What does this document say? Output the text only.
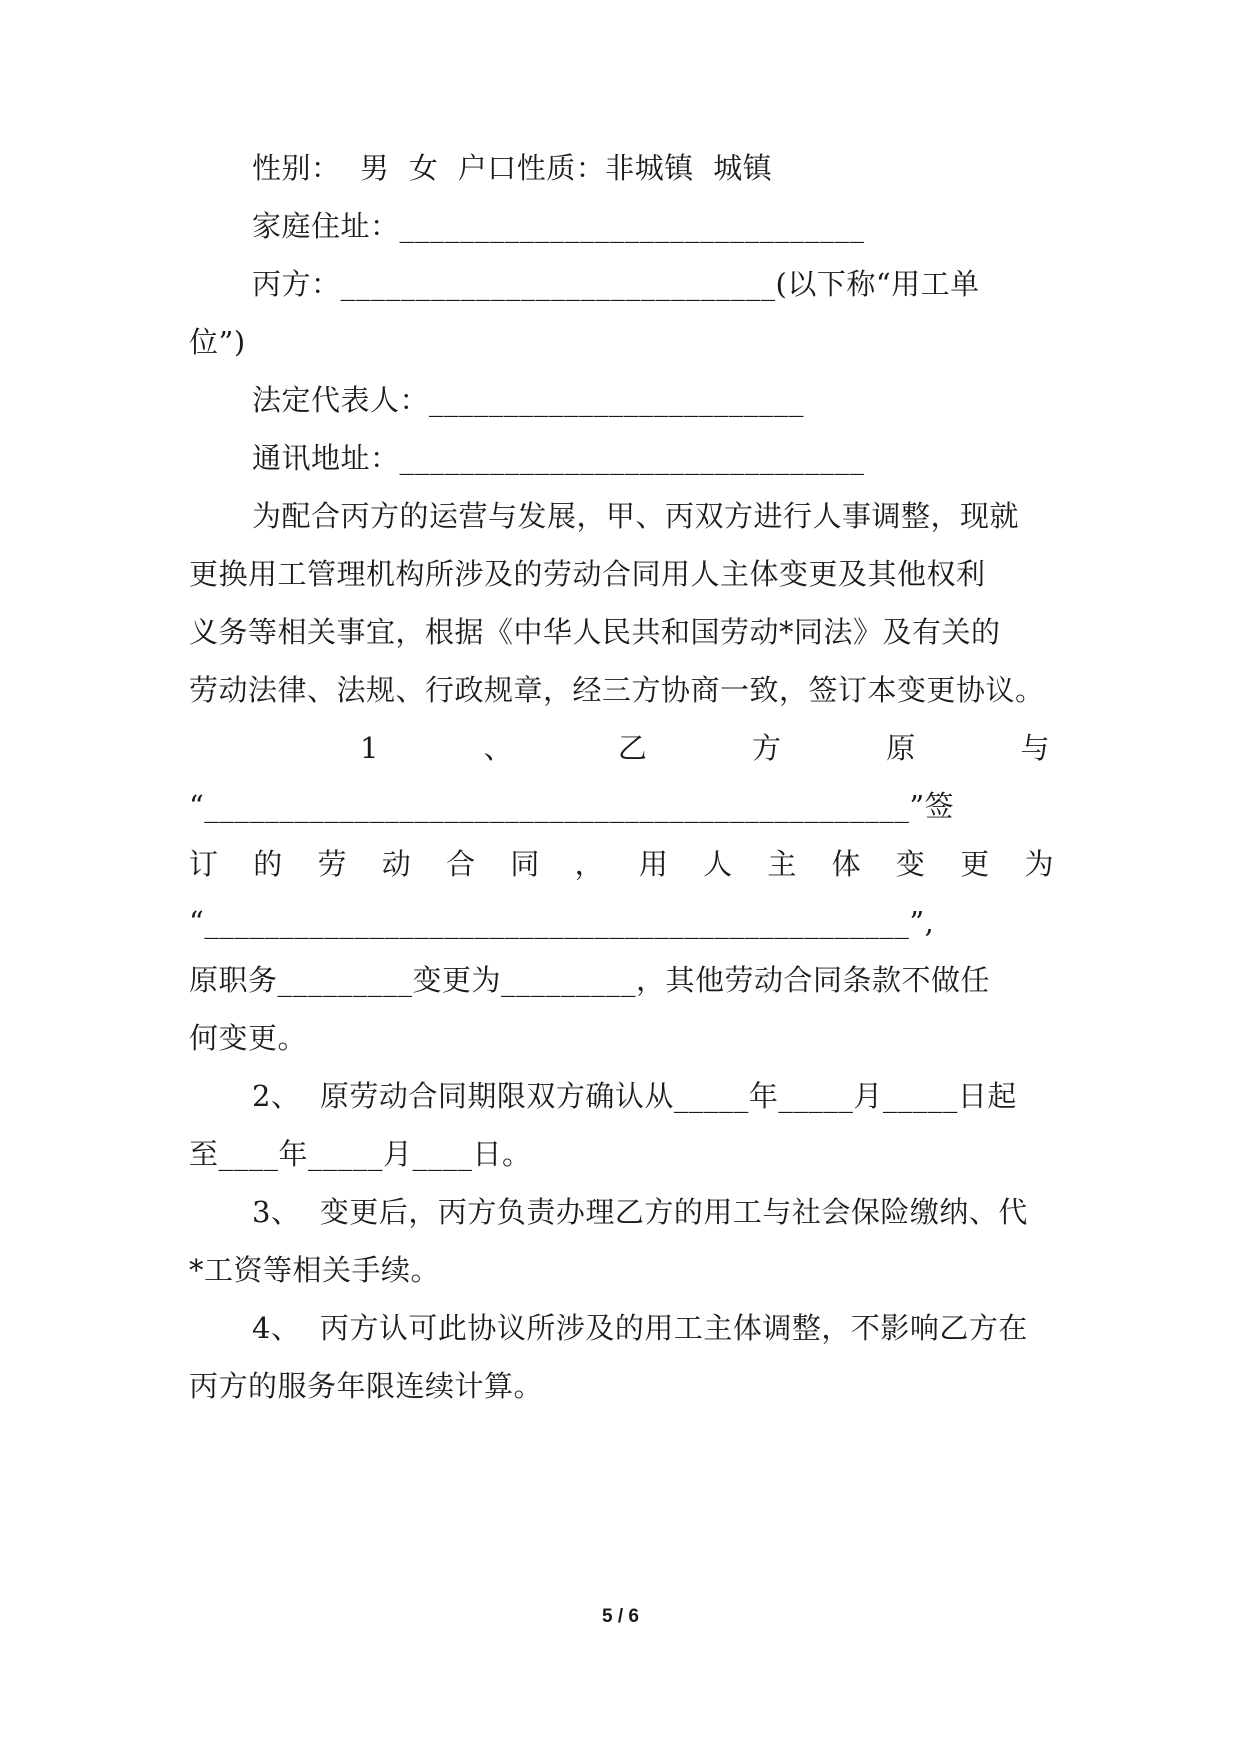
性别：  男  女  户口性质：非城镇  城镇
家庭住址：_______________________________
丙方：_____________________________(以下称“用工单
位”)
法定代表人：_________________________
通讯地址：_______________________________
为配合丙方的运营与发展，甲、丙双方进行人事调整，现就
更换用工管理机构所涉及的劳动合同用人主体变更及其他权利
义务等相关事宜，根据《中华人民共和国劳动*同法》及有关的
劳动法律、法规、行政规章，经三方协商一致，签订本变更协议。
1	、	乙	方	原	与
“_______________________________________________”签
订 的 劳 动 合 同 ， 用 人 主 体 变 更 为
“_______________________________________________”,
原职务_________变更为_________，其他劳动合同条款不做任
何变更。
2、  原劳动合同期限双方确认从_____年_____月_____日起
至____年_____月____日。
3、  变更后，丙方负责办理乙方的用工与社会保险缴纳、代
*工资等相关手续。
4、  丙方认可此协议所涉及的用工主体调整，不影响乙方在
丙方的服务年限连续计算。
5 / 6
